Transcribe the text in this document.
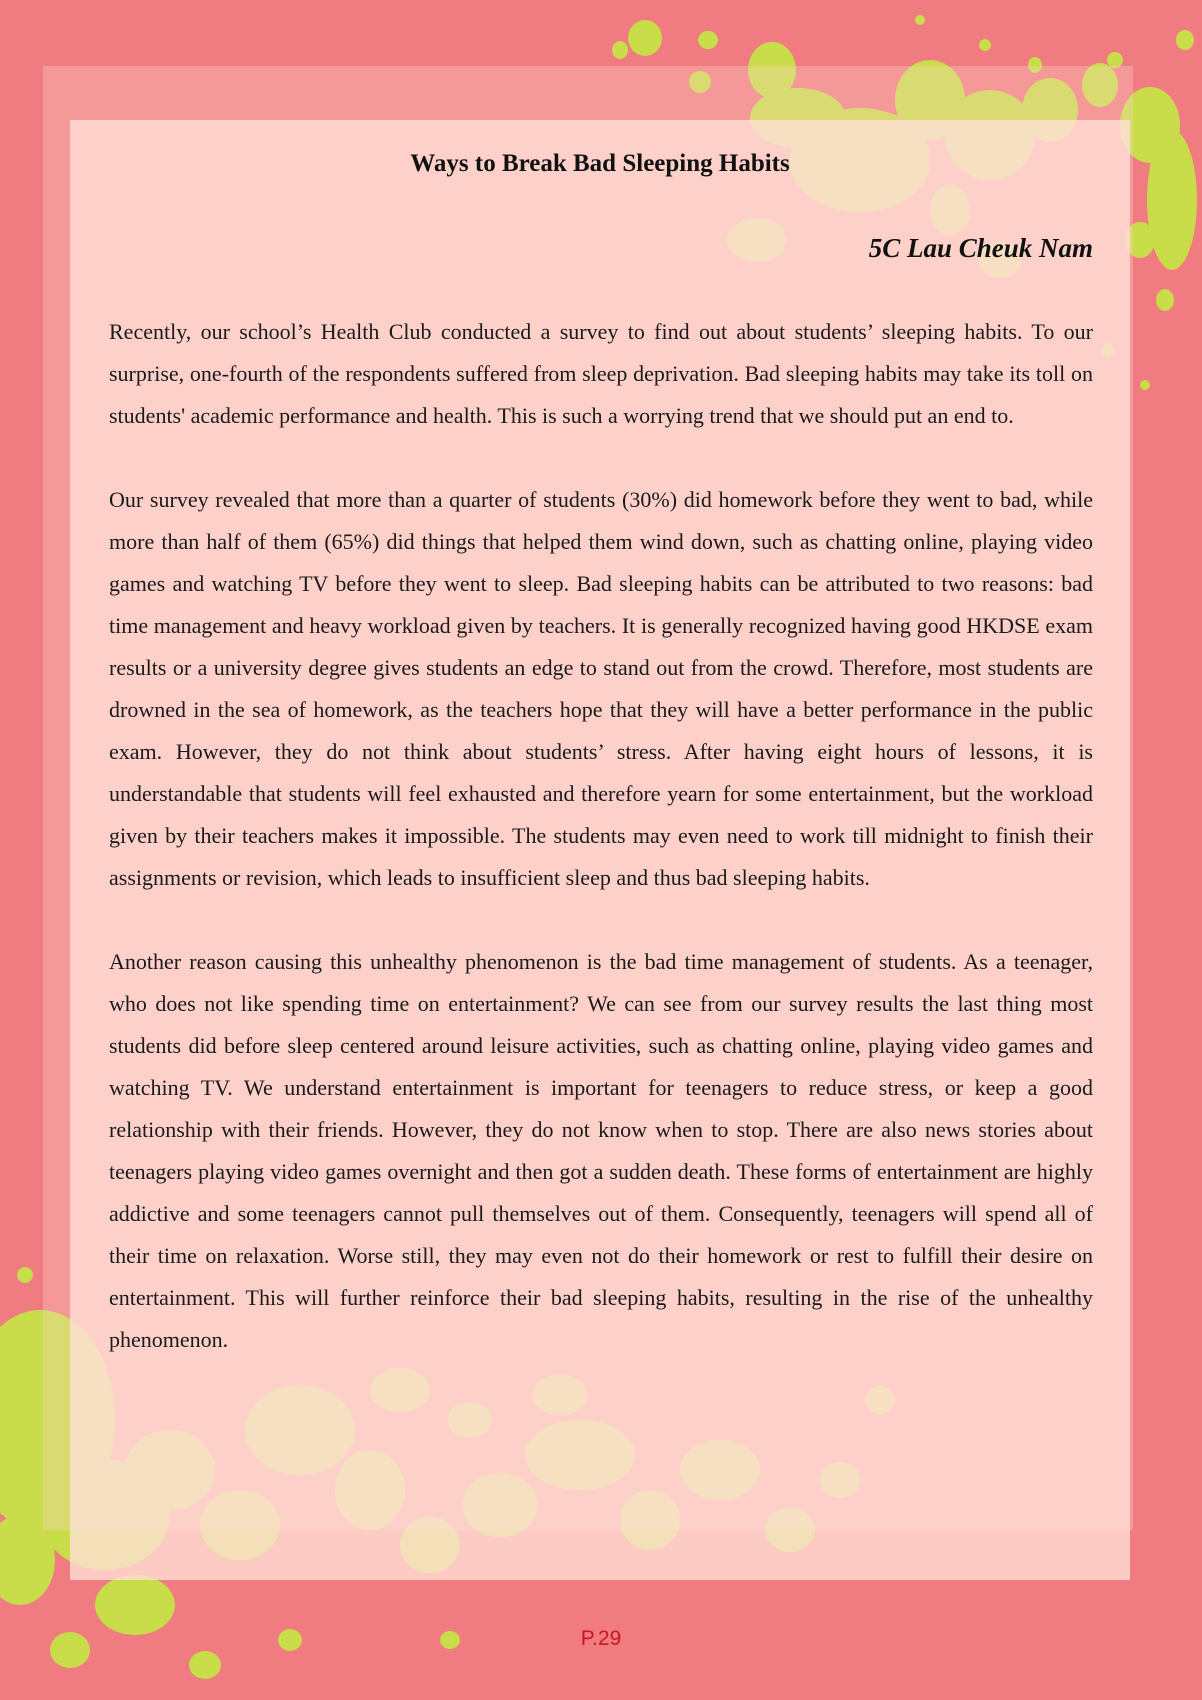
Ways to Break Bad Sleeping Habits
5C Lau Cheuk Nam

Recently, our school’s Health Club conducted a survey to find out about students’ sleeping habits. To our surprise, one-fourth of the respondents suffered from sleep deprivation. Bad sleeping habits may take its toll on students' academic performance and health. This is such a worrying trend that we should put an end to.

Our survey revealed that more than a quarter of students (30%) did homework before they went to bad, while more than half of them (65%) did things that helped them wind down, such as chatting online, playing video games and watching TV before they went to sleep. Bad sleeping habits can be attributed to two reasons: bad time management and heavy workload given by teachers. It is generally recognized having good HKDSE exam results or a university degree gives students an edge to stand out from the crowd. Therefore, most students are drowned in the sea of homework, as the teachers hope that they will have a better performance in the public exam. However, they do not think about students’ stress. After having eight hours of lessons, it is understandable that students will feel exhausted and therefore yearn for some entertainment, but the workload given by their teachers makes it impossible. The students may even need to work till midnight to finish their assignments or revision, which leads to insufficient sleep and thus bad sleeping habits.

Another reason causing this unhealthy phenomenon is the bad time management of students. As a teenager, who does not like spending time on entertainment? We can see from our survey results the last thing most students did before sleep centered around leisure activities, such as chatting online, playing video games and watching TV. We understand entertainment is important for teenagers to reduce stress, or keep a good relationship with their friends. However, they do not know when to stop. There are also news stories about teenagers playing video games overnight and then got a sudden death. These forms of entertainment are highly addictive and some teenagers cannot pull themselves out of them. Consequently, teenagers will spend all of their time on relaxation. Worse still, they may even not do their homework or rest to fulfill their desire on entertainment. This will further reinforce their bad sleeping habits, resulting in the rise of the unhealthy phenomenon.

P.29
